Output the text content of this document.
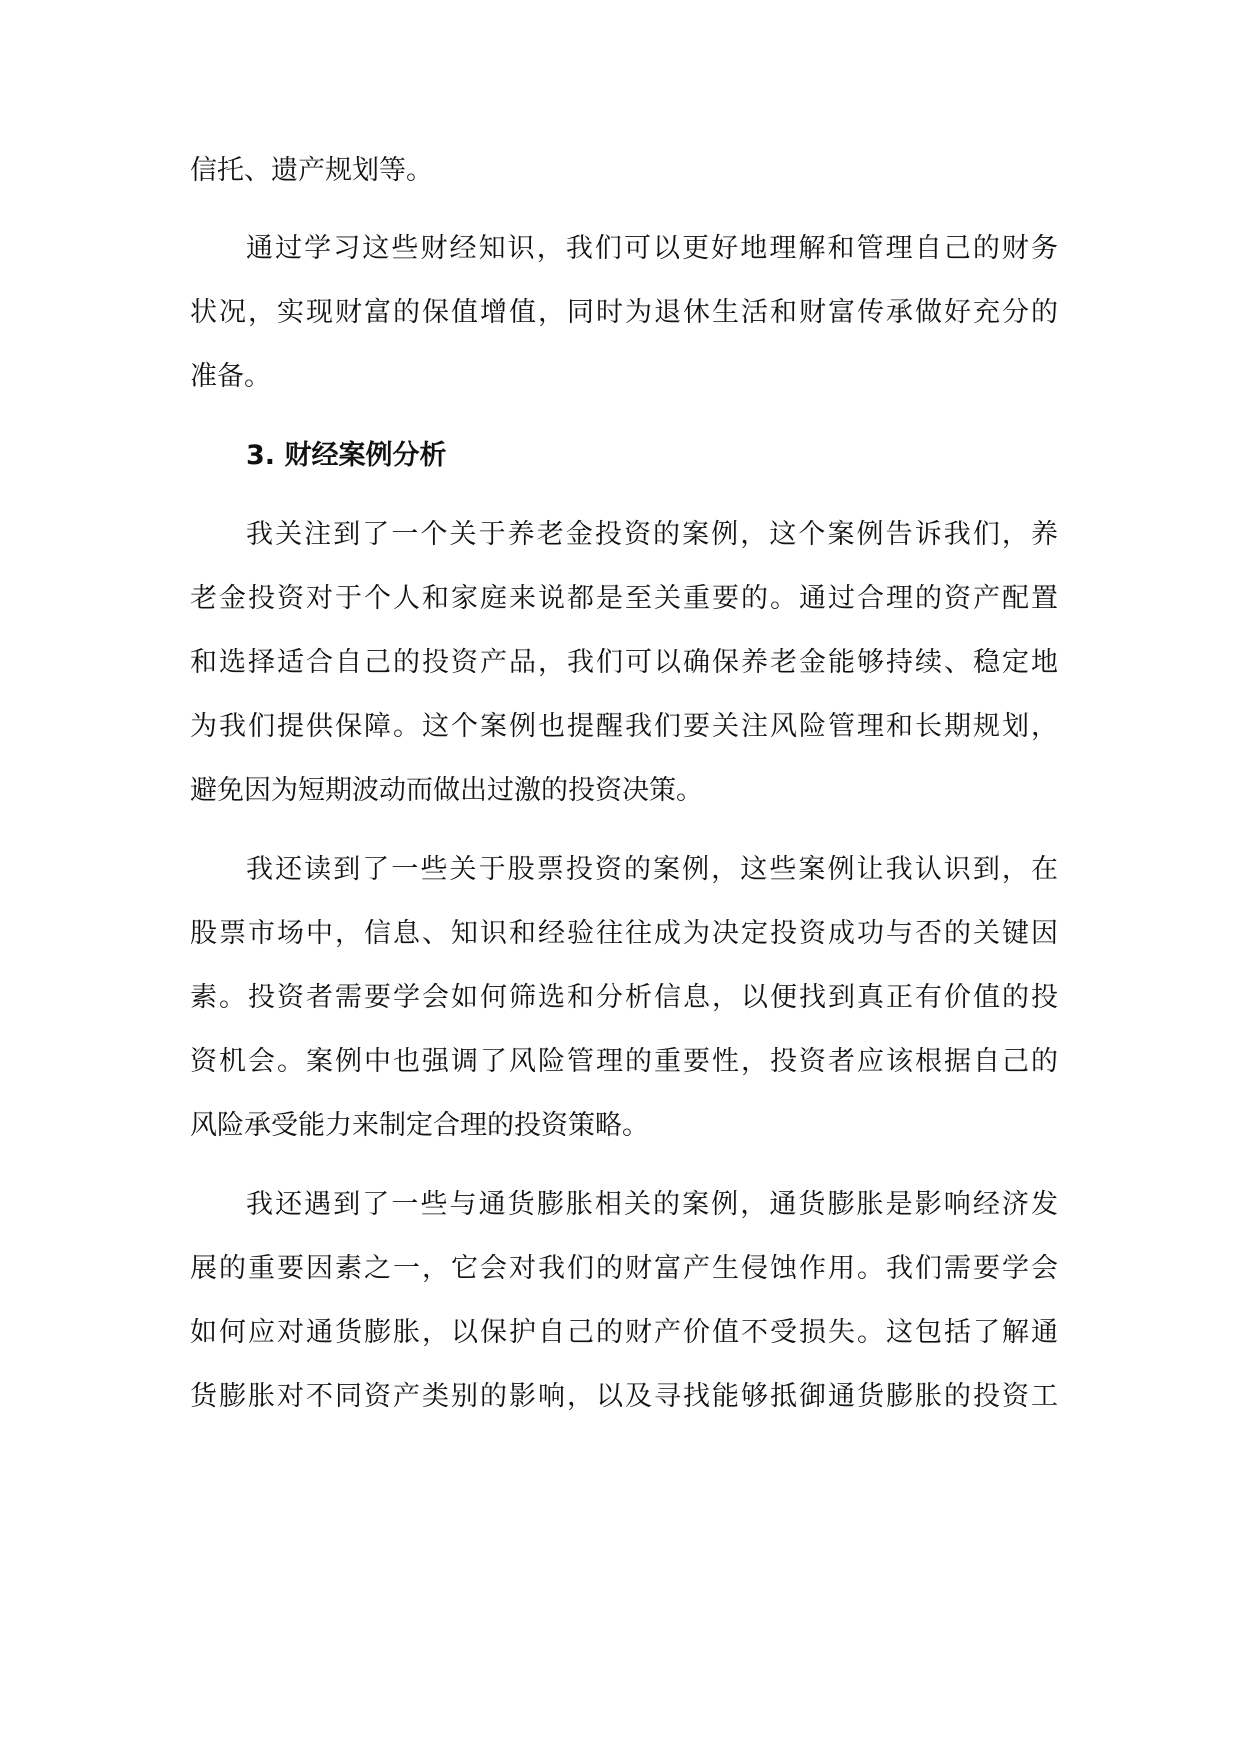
信托、遗产规划等。
通过学习这些财经知识，我们可以更好地理解和管理自己的财务
状况，实现财富的保值增值，同时为退休生活和财富传承做好充分的
准备。
3. 财经案例分析
我关注到了一个关于养老金投资的案例，这个案例告诉我们，养
老金投资对于个人和家庭来说都是至关重要的。通过合理的资产配置
和选择适合自己的投资产品，我们可以确保养老金能够持续、稳定地
为我们提供保障。这个案例也提醒我们要关注风险管理和长期规划，
避免因为短期波动而做出过激的投资决策。
我还读到了一些关于股票投资的案例，这些案例让我认识到，在
股票市场中，信息、知识和经验往往成为决定投资成功与否的关键因
素。投资者需要学会如何筛选和分析信息，以便找到真正有价值的投
资机会。案例中也强调了风险管理的重要性，投资者应该根据自己的
风险承受能力来制定合理的投资策略。
我还遇到了一些与通货膨胀相关的案例，通货膨胀是影响经济发
展的重要因素之一，它会对我们的财富产生侵蚀作用。我们需要学会
如何应对通货膨胀，以保护自己的财产价值不受损失。这包括了解通
货膨胀对不同资产类别的影响，以及寻找能够抵御通货膨胀的投资工
